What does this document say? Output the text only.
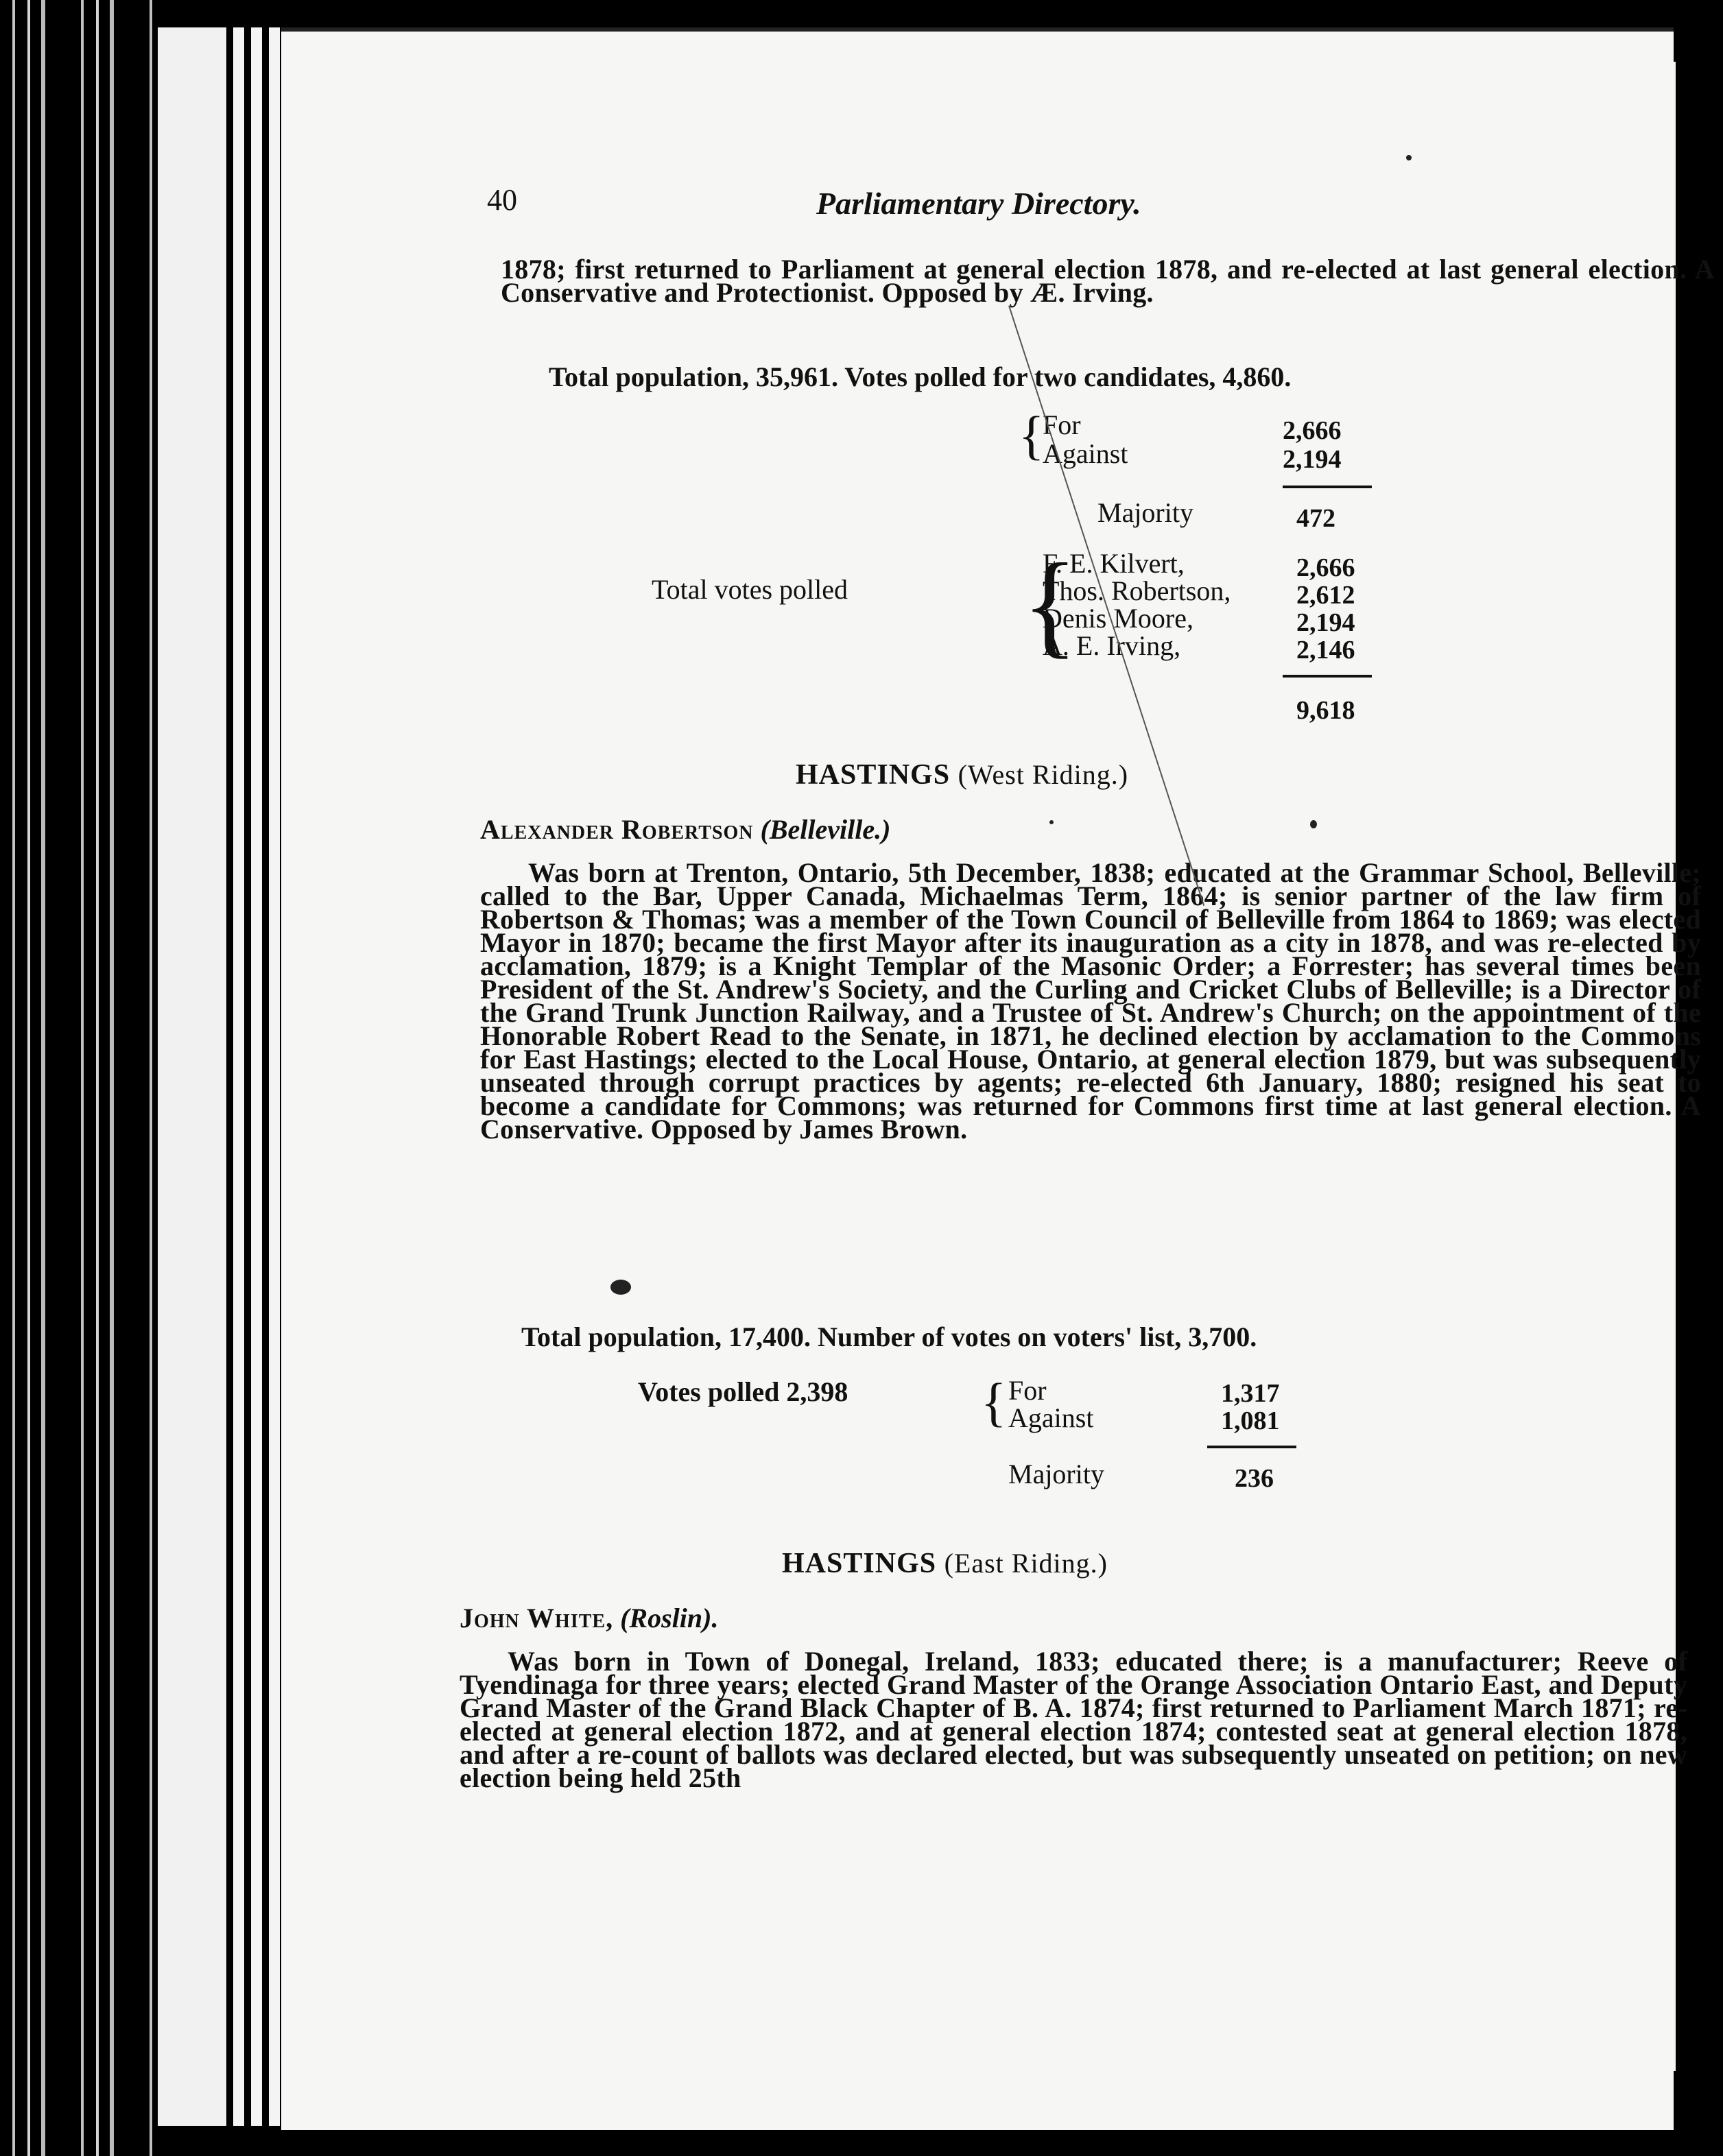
40	Parliamentary Directory.
1878; first returned to Parliament at general election 1878, and re-elected at last general election. A Conservative and Protectionist. Opposed by Æ. Irving.
Total population, 35,961. Votes polled for two candidates, 4,860.
{
For	2,666
Against	2,194
Majority	472
Total votes polled {
F. E. Kilvert,	2,666
Thos. Robertson,	2,612
Denis Moore,	2,194
A. E. Irving,	2,146
9,618
HASTINGS (West Riding.)
Alexander Robertson (Belleville.)
Was born at Trenton, Ontario, 5th December, 1838; educated at the Grammar School, Belleville; called to the Bar, Upper Canada, Michaelmas Term, 1864; is senior partner of the law firm of Robertson & Thomas; was a member of the Town Council of Belleville from 1864 to 1869; was elected Mayor in 1870; became the first Mayor after its inauguration as a city in 1878, and was re-elected by acclamation, 1879; is a Knight Templar of the Masonic Order; a Forrester; has several times been President of the St. Andrew's Society, and the Curling and Cricket Clubs of Belleville; is a Director of the Grand Trunk Junction Railway, and a Trustee of St. Andrew's Church; on the appointment of the Honorable Robert Read to the Senate, in 1871, he declined election by acclamation to the Commons for East Hastings; elected to the Local House, Ontario, at general election 1879, but was subsequently unseated through corrupt practices by agents; re-elected 6th January, 1880; resigned his seat to become a candidate for Commons; was returned for Commons first time at last general election. A Conservative. Opposed by James Brown.
Total population, 17,400. Number of votes on voters' list, 3,700.
Votes polled 2,398 { For	1,317
Against	1,081
Majority	236
HASTINGS (East Riding.)
John White, (Roslin).
Was born in Town of Donegal, Ireland, 1833; educated there; is a manufacturer; Reeve of Tyendinaga for three years; elected Grand Master of the Orange Association Ontario East, and Deputy Grand Master of the Grand Black Chapter of B. A. 1874; first returned to Parliament March 1871; re-elected at general election 1872, and at general election 1874; contested seat at general election 1878, and after a re-count of ballots was declared elected, but was subsequently unseated on petition; on new election being held 25th
